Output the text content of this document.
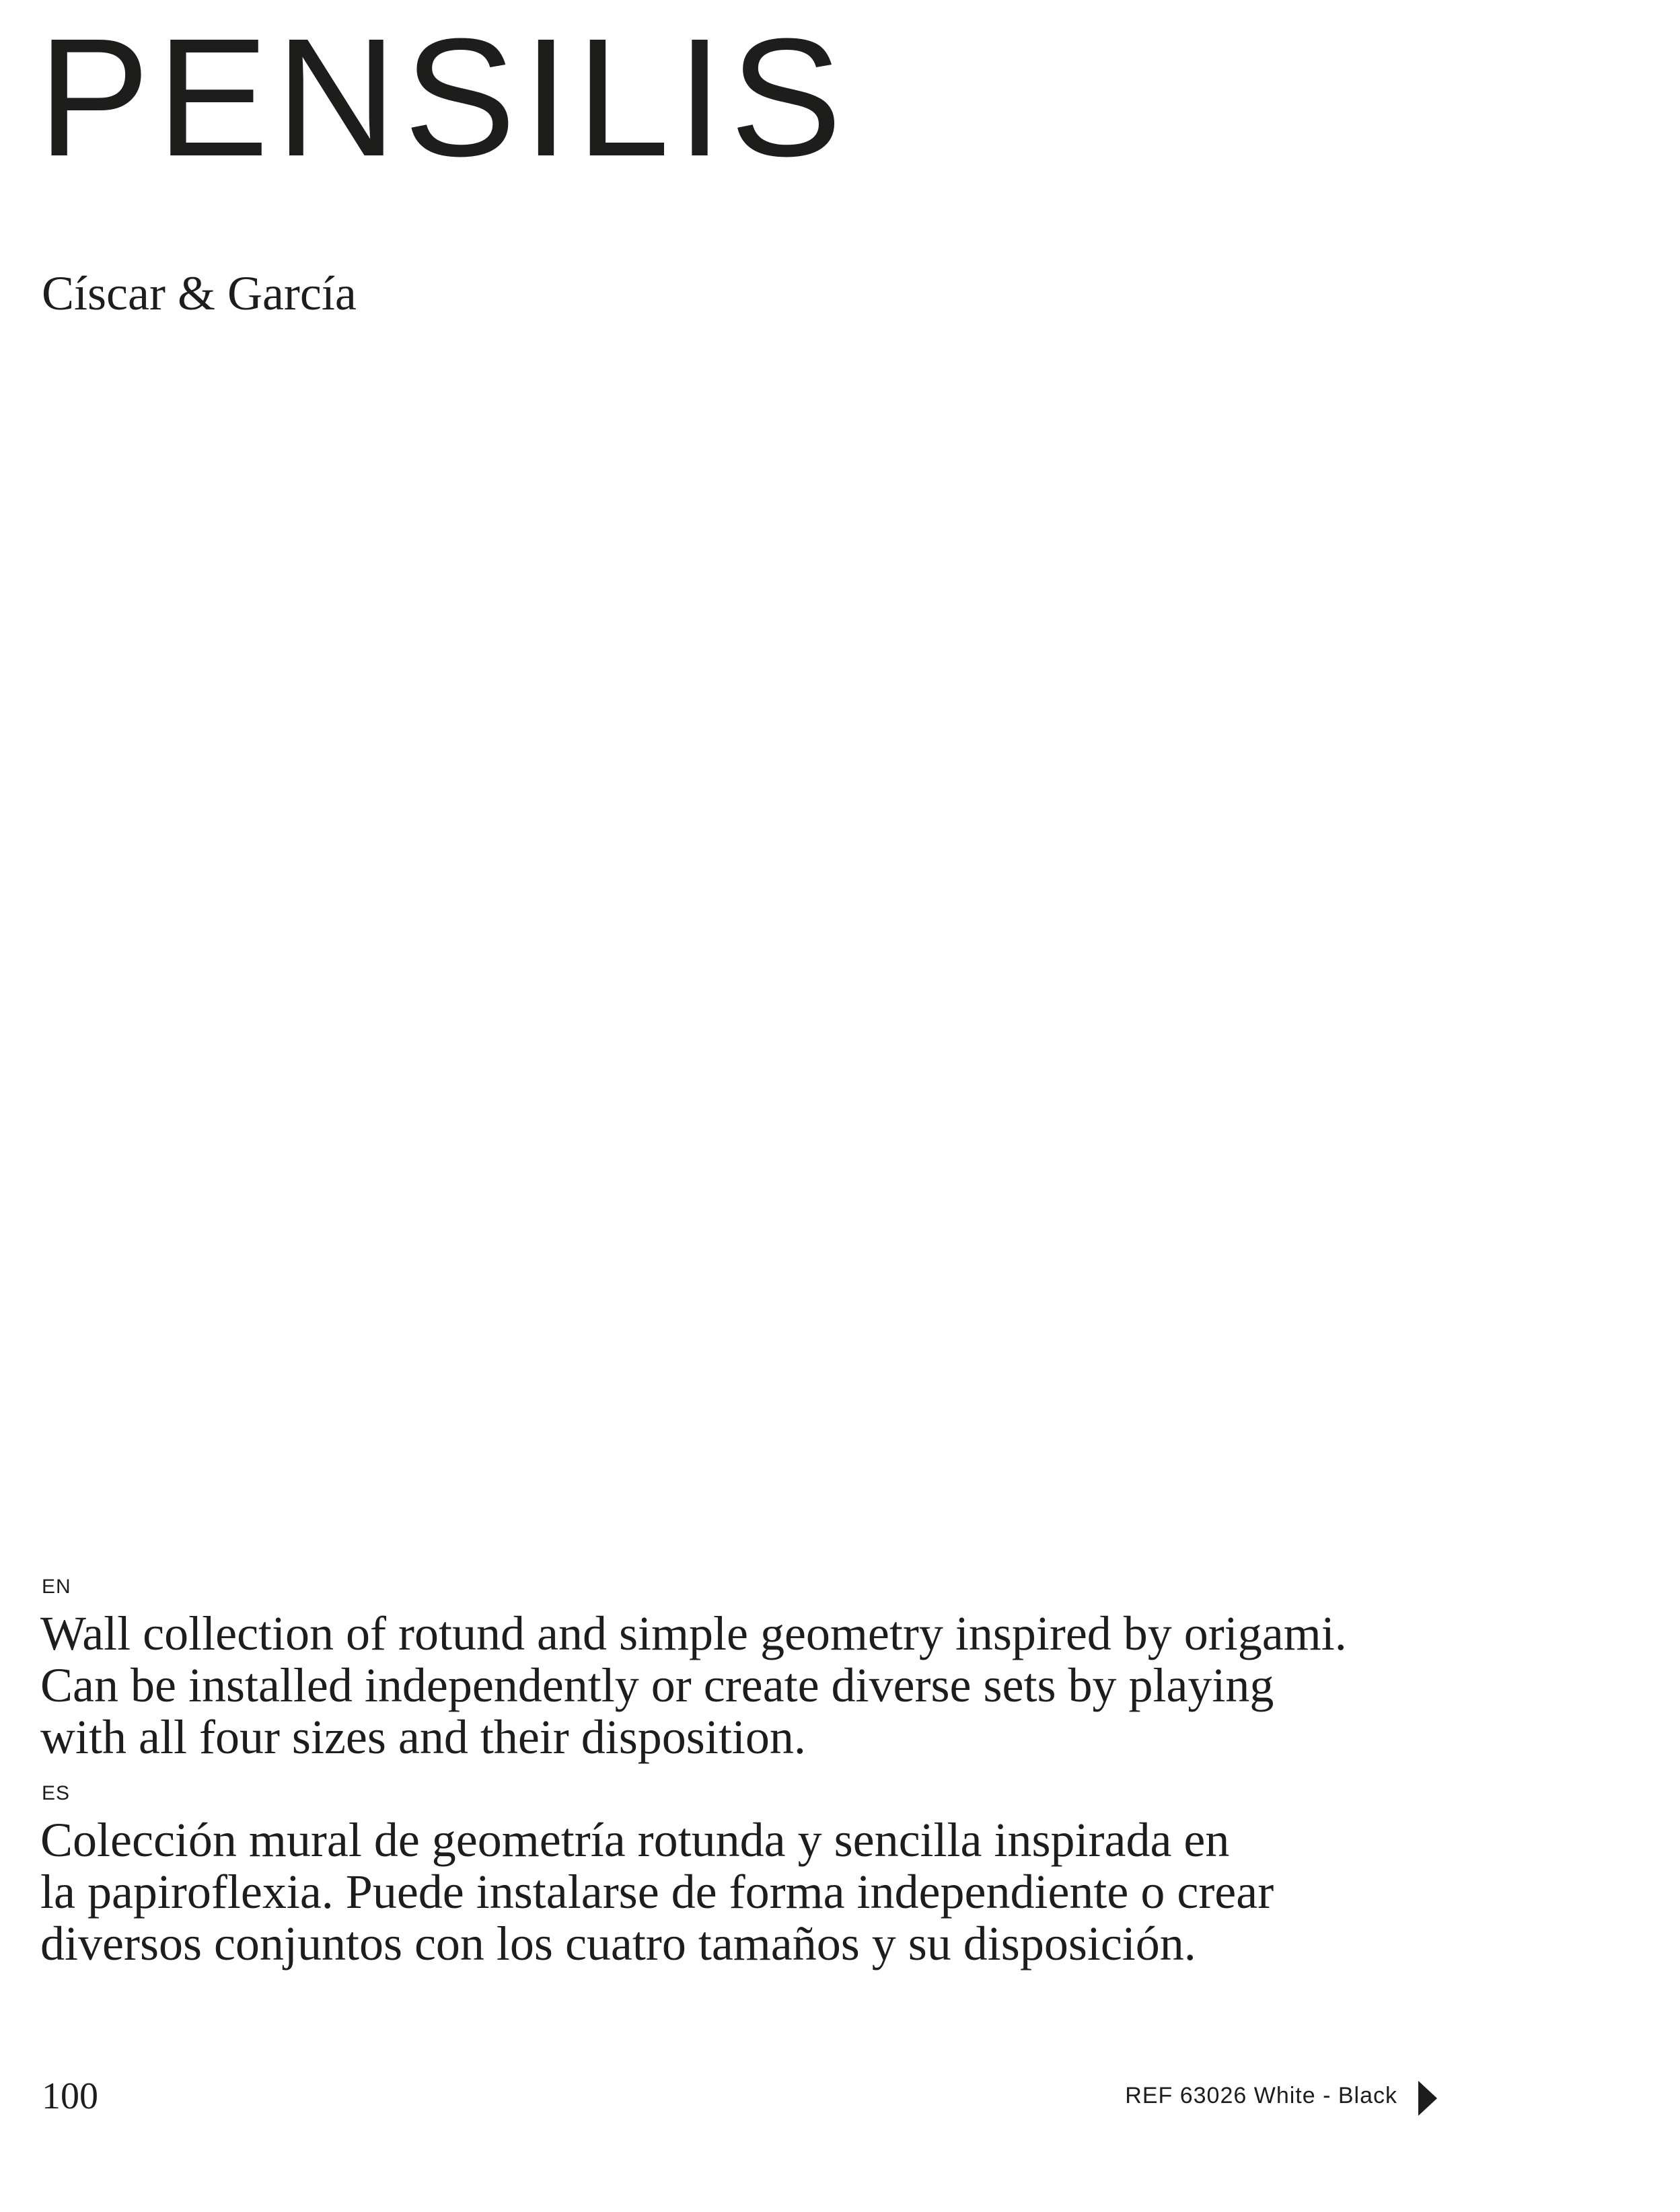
PENSILIS
Císcar & García
EN

Wall collection of rotund and simple geometry inspired by origami.
Can be installed independently or create diverse sets by playing
with all four sizes and their disposition.

ES

Colección mural de geometría rotunda y sencilla inspirada en
la papiroflexia. Puede instalarse de forma independiente o crear
diversos conjuntos con los cuatro tamaños y su disposición.

100	REF 63026 White - Black
